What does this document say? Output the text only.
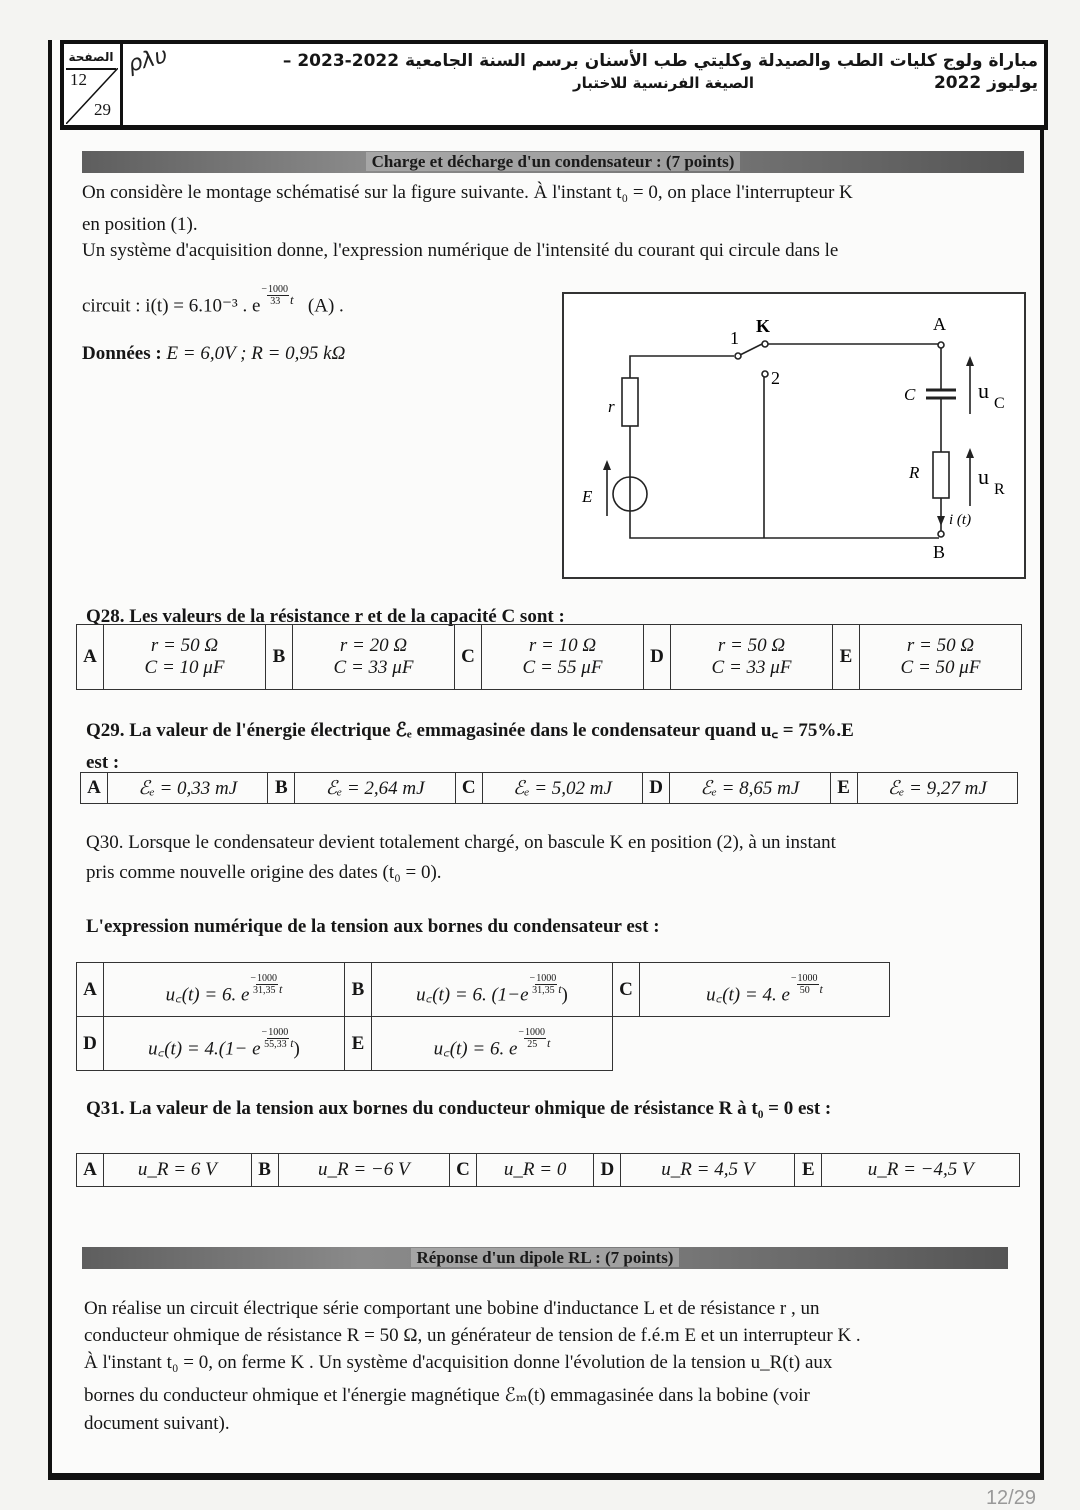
الصفحة
12
29
ρλυ	مباراة ولوج كليات الطب والصيدلة وكليتي طب الأسنان برسم السنة الجامعية 2022-2023 – يوليوز 2022
الصيغة الفرنسية للاختبار
Charge et décharge d'un condensateur : (7 points)
On considère le montage schématisé sur la figure suivante. À l'instant t₀ = 0, on place l'interrupteur K
en position (1).
Un système d'acquisition donne, l'expression numérique de l'intensité du courant qui circule dans le
circuit : i(t) = 6.10⁻³ . e−1000
33 $^t$ (A) .
Données : E = 6,0V ; R = 0,95 kΩ
1
K
2
A
B
r
E
C
R
u
C
u
R
i (t)
Q28. Les valeurs de la résistance r et de la capacité C sont :
A	r = 50 Ω
C = 10 μF	B	r = 20 Ω
C = 33 μF	C	r = 10 Ω
C = 55 μF	D	r = 50 Ω
C = 33 μF	E	r = 50 Ω
C = 50 μF
Q29. La valeur de l'énergie électrique ℰₑ emmagasinée dans le condensateur quand u꜀ = 75%.E
est :
A	ℰₑ = 0,33 mJ	B	ℰₑ = 2,64 mJ	C	ℰₑ = 5,02 mJ	D	ℰₑ = 8,65 mJ	E	ℰₑ = 9,27 mJ
Q30. Lorsque le condensateur devient totalement chargé, on bascule K en position (2), à un instant
pris comme nouvelle origine des dates (t₀ = 0).
L'expression numérique de la tension aux bornes du condensateur est :
A	u꜀(t) = 6. e−1000
31,35 $^t$	B	u꜀(t) = 6. (1−e−1000
31,35 $^t$)	C	u꜀(t) = 4. e−1000
50 $^t$
D	u꜀(t) = 4.(1− e−1000
55,33 $^t$)	E	u꜀(t) = 6. e−1000
25 $^t$	
Q31. La valeur de la tension aux bornes du conducteur ohmique de résistance R à t₀ = 0 est :
A	u_R = 6 V	B	u_R = −6 V	C	u_R = 0	D	u_R = 4,5 V	E	u_R = −4,5 V
Réponse d'un dipole RL : (7 points)
On réalise un circuit électrique série comportant une bobine d'inductance L et de résistance r , un
conducteur ohmique de résistance R = 50 Ω, un générateur de tension de f.é.m E et un interrupteur K .
À l'instant t₀ = 0, on ferme K . Un système d'acquisition donne l'évolution de la tension u_R(t) aux
bornes du conducteur ohmique et l'énergie magnétique ℰₘ(t) emmagasinée dans la bobine (voir
document suivant).
12/29
